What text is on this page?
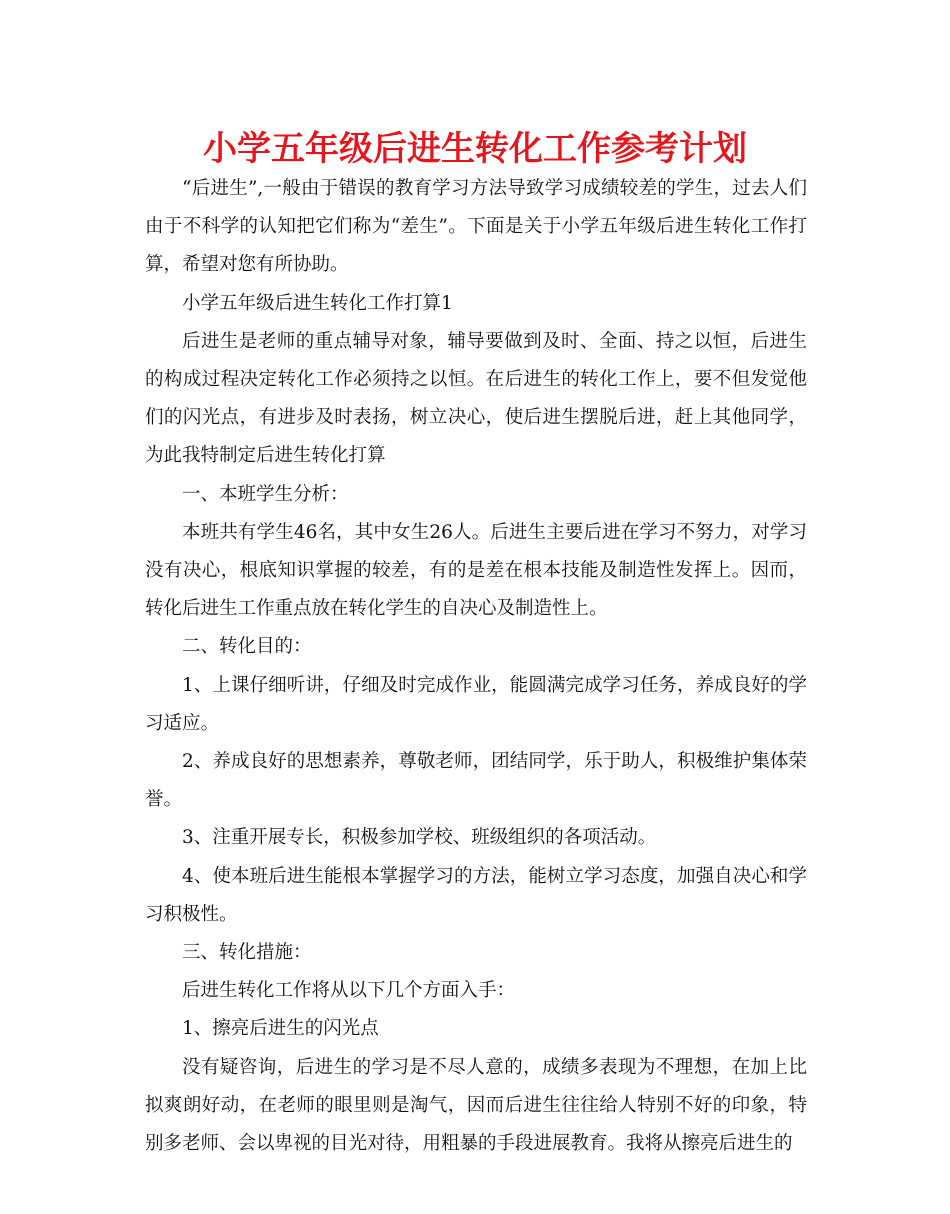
小学五年级后进生转化工作参考计划

“后进生”,一般由于错误的教育学习方法导致学习成绩较差的学生，过去人们由于不科学的认知把它们称为“差生”。下面是关于小学五年级后进生转化工作打算，希望对您有所协助。

小学五年级后进生转化工作打算1

后进生是老师的重点辅导对象，辅导要做到及时、全面、持之以恒，后进生的构成过程决定转化工作必须持之以恒。在后进生的转化工作上，要不但发觉他们的闪光点，有进步及时表扬，树立决心，使后进生摆脱后进，赶上其他同学，为此我特制定后进生转化打算

一、本班学生分析：

本班共有学生46名，其中女生26人。后进生主要后进在学习不努力，对学习没有决心，根底知识掌握的较差，有的是差在根本技能及制造性发挥上。因而，转化后进生工作重点放在转化学生的自决心及制造性上。

二、转化目的：

1、上课仔细听讲，仔细及时完成作业，能圆满完成学习任务，养成良好的学习适应。

2、养成良好的思想素养，尊敬老师，团结同学，乐于助人，积极维护集体荣誉。

3、注重开展专长，积极参加学校、班级组织的各项活动。

4、使本班后进生能根本掌握学习的方法，能树立学习态度，加强自决心和学习积极性。

三、转化措施：

后进生转化工作将从以下几个方面入手：

1、擦亮后进生的闪光点

没有疑咨询，后进生的学习是不尽人意的，成绩多表现为不理想，在加上比拟爽朗好动，在老师的眼里则是淘气，因而后进生往往给人特别不好的印象，特别多老师、会以卑视的目光对待，用粗暴的手段进展教育。我将从擦亮后进生的
